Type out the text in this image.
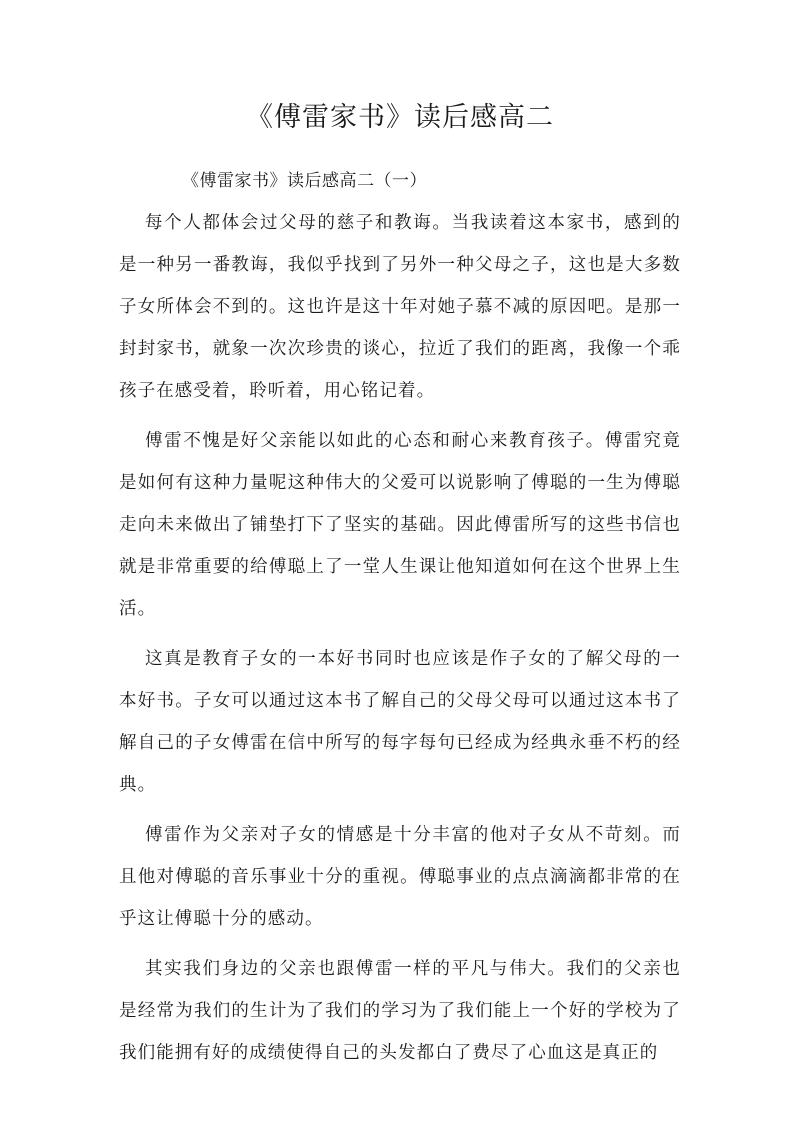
《傅雷家书》读后感高二
《傅雷家书》读后感高二（一）

每个人都体会过父母的慈子和教诲。当我读着这本家书，感到的是一种另一番教诲，我似乎找到了另外一种父母之子，这也是大多数子女所体会不到的。这也许是这十年对她子慕不减的原因吧。是那一封封家书，就象一次次珍贵的谈心，拉近了我们的距离，我像一个乖孩子在感受着，聆听着，用心铭记着。

傅雷不愧是好父亲能以如此的心态和耐心来教育孩子。傅雷究竟是如何有这种力量呢这种伟大的父爱可以说影响了傅聪的一生为傅聪走向未来做出了铺垫打下了坚实的基础。因此傅雷所写的这些书信也就是非常重要的给傅聪上了一堂人生课让他知道如何在这个世界上生活。

这真是教育子女的一本好书同时也应该是作子女的了解父母的一本好书。子女可以通过这本书了解自己的父母父母可以通过这本书了解自己的子女傅雷在信中所写的每字每句已经成为经典永垂不朽的经典。

傅雷作为父亲对子女的情感是十分丰富的他对子女从不苛刻。而且他对傅聪的音乐事业十分的重视。傅聪事业的点点滴滴都非常的在乎这让傅聪十分的感动。

其实我们身边的父亲也跟傅雷一样的平凡与伟大。我们的父亲也是经常为我们的生计为了我们的学习为了我们能上一个好的学校为了我们能拥有好的成绩使得自己的头发都白了费尽了心血这是真正的
